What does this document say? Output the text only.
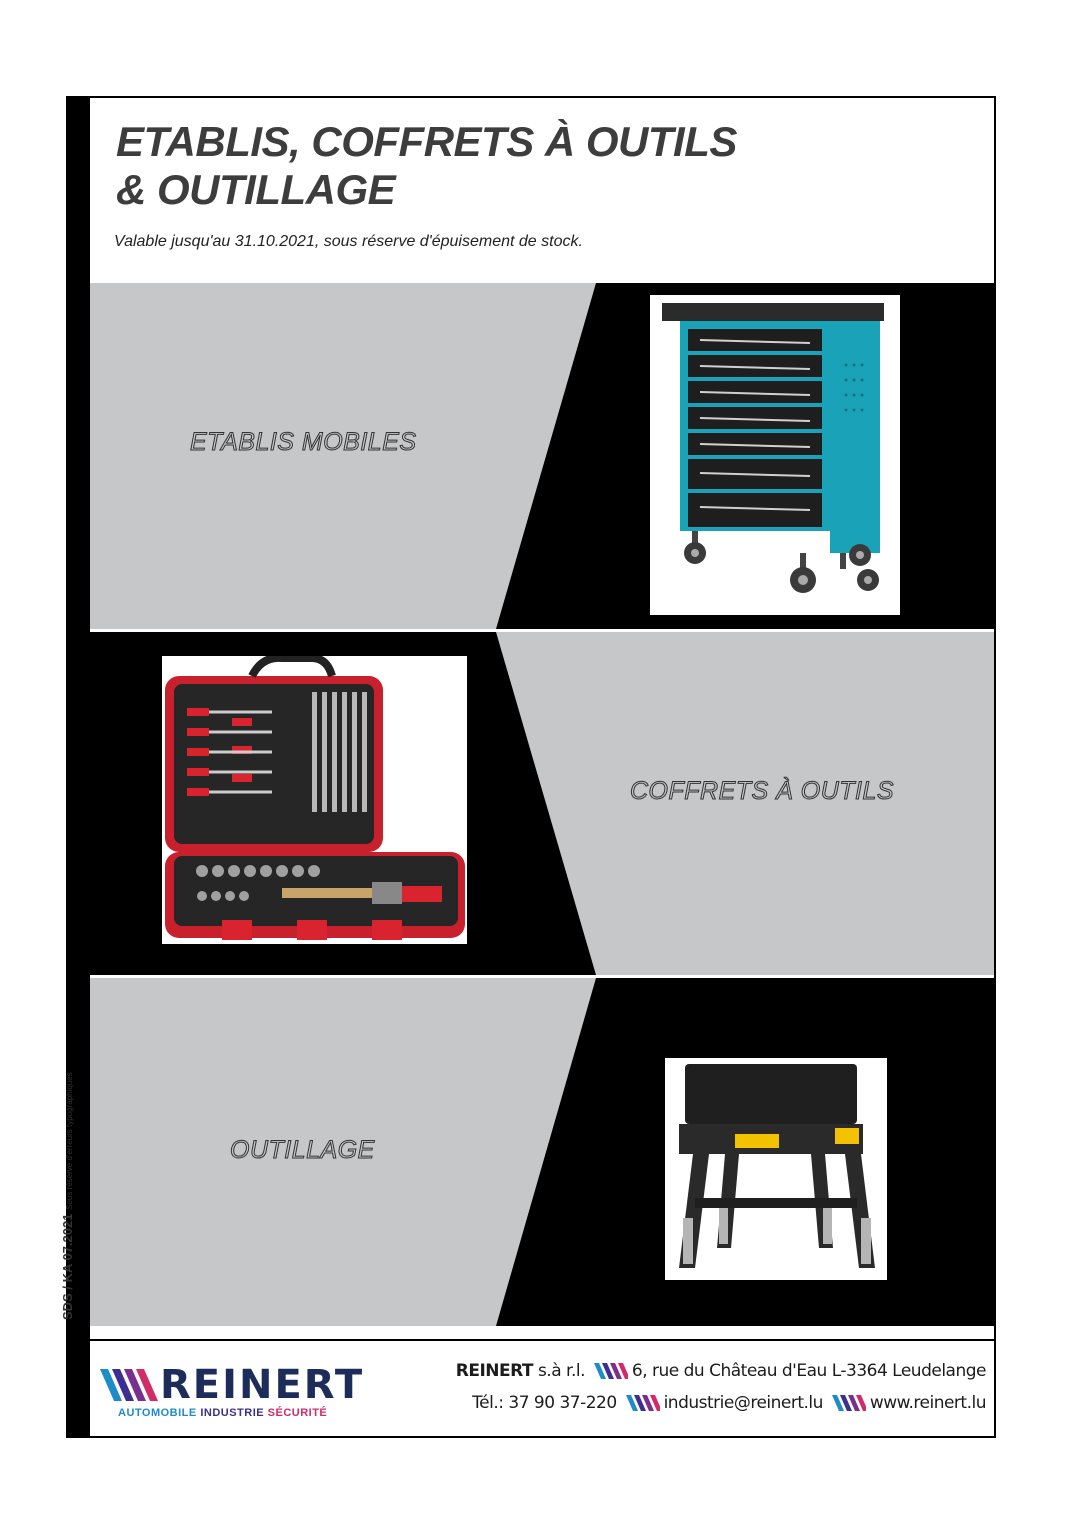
SDS / KA 07.2021 Sous réserve d'erreurs typographiques
ETABLIS, COFFRETS À OUTILS
& OUTILLAGE
Valable jusqu'au 31.10.2021, sous réserve d'épuisement de stock.
ETABLIS MOBILES
COFFRETS À OUTILS
OUTILLAGE
REINERT
AUTOMOBILE INDUSTRIE SÉCURITÉ
REINERT s.à r.l.	6, rue du Château d'Eau L-3364 Leudelange
Tél.: 37 90 37-220	industrie@reinert.lu	www.reinert.lu
